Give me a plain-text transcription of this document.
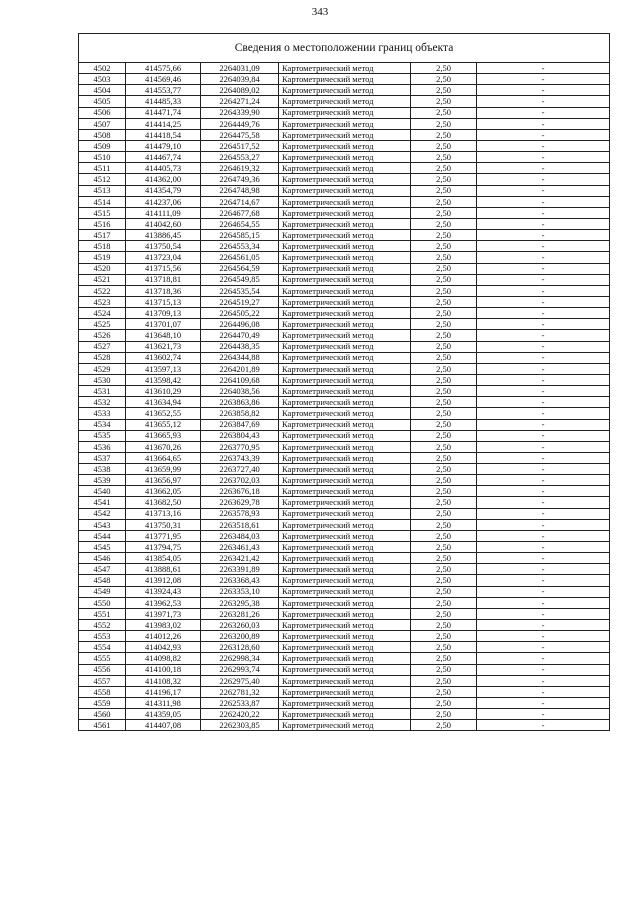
343
Сведения о местоположении границ объекта					
4502	414575,66	2264031,09	Картометрический метод	2,50	-
4503	414569,46	2264039,84	Картометрический метод	2,50	-
4504	414553,77	2264089,02	Картометрический метод	2,50	-
4505	414485,33	2264271,24	Картометрический метод	2,50	-
4506	414471,74	2264339,90	Картометрический метод	2,50	-
4507	414414,25	2264449,76	Картометрический метод	2,50	-
4508	414418,54	2264475,58	Картометрический метод	2,50	-
4509	414479,10	2264517,52	Картометрический метод	2,50	-
4510	414467,74	2264553,27	Картометрический метод	2,50	-
4511	414405,73	2264619,32	Картометрический метод	2,50	-
4512	414362,00	2264749,36	Картометрический метод	2,50	-
4513	414354,79	2264748,98	Картометрический метод	2,50	-
4514	414237,06	2264714,67	Картометрический метод	2,50	-
4515	414111,09	2264677,68	Картометрический метод	2,50	-
4516	414042,60	2264654,55	Картометрический метод	2,50	-
4517	413886,45	2264585,15	Картометрический метод	2,50	-
4518	413750,54	2264553,34	Картометрический метод	2,50	-
4519	413723,04	2264561,05	Картометрический метод	2,50	-
4520	413715,56	2264564,59	Картометрический метод	2,50	-
4521	413718,81	2264549,85	Картометрический метод	2,50	-
4522	413718,36	2264535,54	Картометрический метод	2,50	-
4523	413715,13	2264519,27	Картометрический метод	2,50	-
4524	413709,13	2264505,22	Картометрический метод	2,50	-
4525	413701,07	2264496,08	Картометрический метод	2,50	-
4526	413648,10	2264470,49	Картометрический метод	2,50	-
4527	413621,73	2264438,35	Картометрический метод	2,50	-
4528	413602,74	2264344,88	Картометрический метод	2,50	-
4529	413597,13	2264201,89	Картометрический метод	2,50	-
4530	413598,42	2264109,68	Картометрический метод	2,50	-
4531	413610,29	2264038,56	Картометрический метод	2,50	-
4532	413634,94	2263863,86	Картометрический метод	2,50	-
4533	413652,55	2263858,82	Картометрический метод	2,50	-
4534	413655,12	2263847,69	Картометрический метод	2,50	-
4535	413665,93	2263804,43	Картометрический метод	2,50	-
4536	413670,26	2263770,95	Картометрический метод	2,50	-
4537	413664,65	2263743,39	Картометрический метод	2,50	-
4538	413659,99	2263727,40	Картометрический метод	2,50	-
4539	413656,97	2263702,03	Картометрический метод	2,50	-
4540	413662,05	2263676,18	Картометрический метод	2,50	-
4541	413682,50	2263629,78	Картометрический метод	2,50	-
4542	413713,16	2263578,93	Картометрический метод	2,50	-
4543	413750,31	2263518,61	Картометрический метод	2,50	-
4544	413771,95	2263484,03	Картометрический метод	2,50	-
4545	413794,75	2263461,43	Картометрический метод	2,50	-
4546	413854,05	2263421,42	Картометрический метод	2,50	-
4547	413888,61	2263391,89	Картометрический метод	2,50	-
4548	413912,08	2263368,43	Картометрический метод	2,50	-
4549	413924,43	2263353,10	Картометрический метод	2,50	-
4550	413962,53	2263295,38	Картометрический метод	2,50	-
4551	413971,73	2263281,26	Картометрический метод	2,50	-
4552	413983,02	2263260,03	Картометрический метод	2,50	-
4553	414012,26	2263200,89	Картометрический метод	2,50	-
4554	414042,93	2263128,60	Картометрический метод	2,50	-
4555	414098,82	2262998,34	Картометрический метод	2,50	-
4556	414100,18	2262993,74	Картометрический метод	2,50	-
4557	414108,32	2262975,40	Картометрический метод	2,50	-
4558	414196,17	2262781,32	Картометрический метод	2,50	-
4559	414311,98	2262533,87	Картометрический метод	2,50	-
4560	414359,05	2262420,22	Картометрический метод	2,50	-
4561	414407,08	2262303,85	Картометрический метод	2,50	-
